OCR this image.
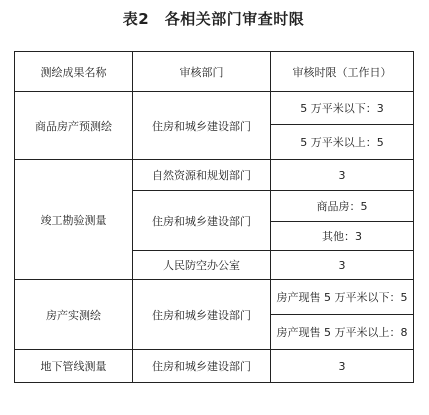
表2　各相关部门审查时限
测绘成果名称	审核部门	审核时限（工作日）
商品房产预测绘	住房和城乡建设部门	5 万平米以下：3
		5 万平米以上：5
竣工勘验测量	自然资源和规划部门	3
	住房和城乡建设部门	商品房：5
		其他：3
	人民防空办公室	3
房产实测绘	住房和城乡建设部门	房产现售 5 万平米以下：5
		房产现售 5 万平米以上：8
地下管线测量	住房和城乡建设部门	3
